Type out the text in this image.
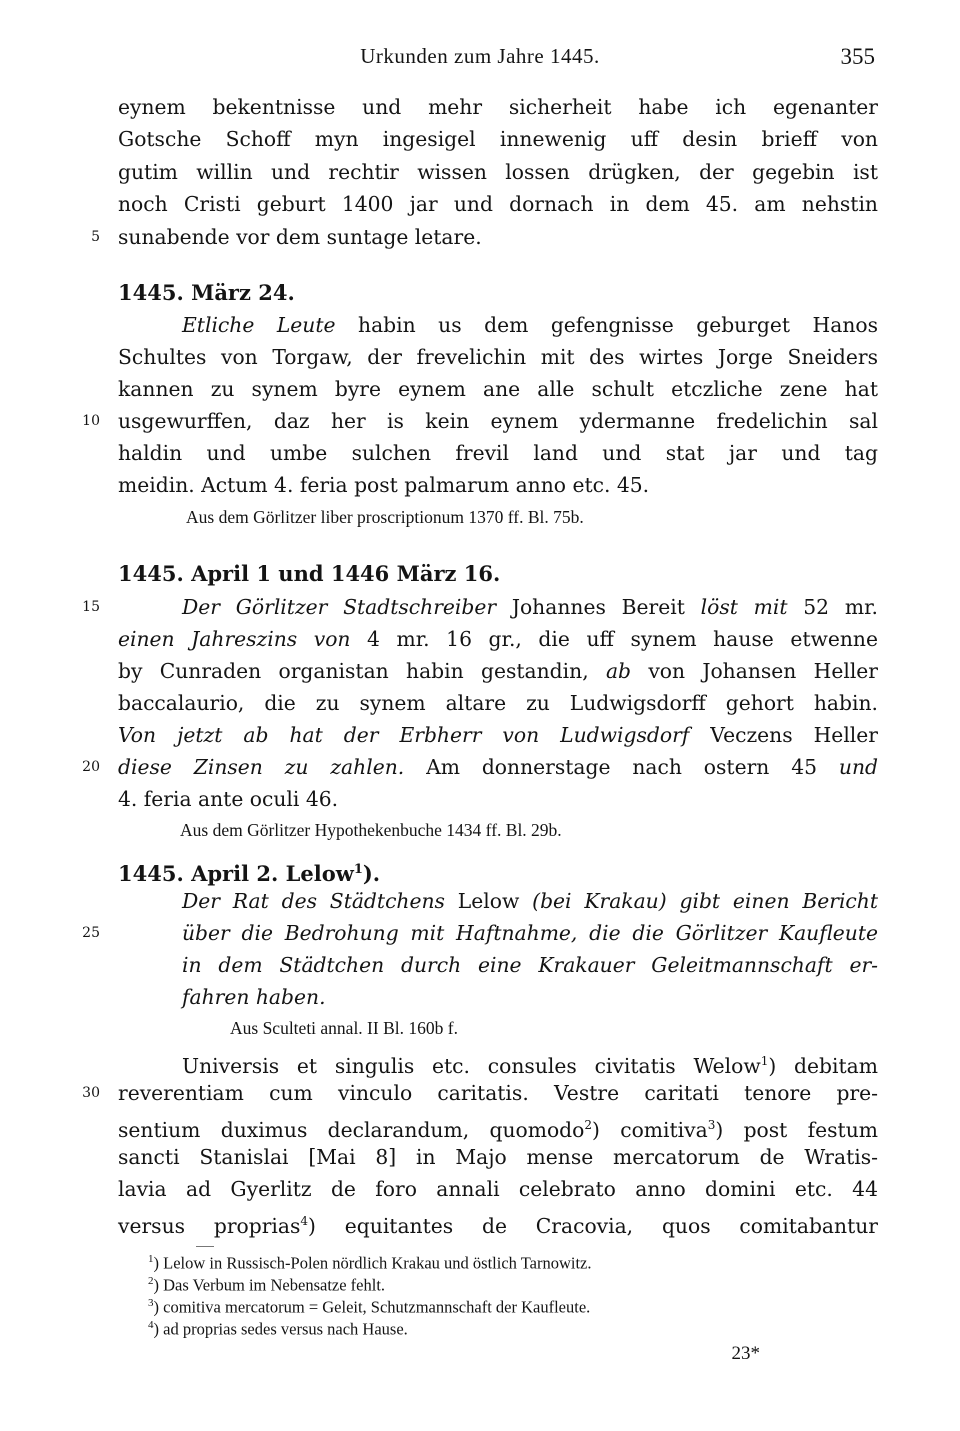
Urkunden zum Jahre 1445.	355
eynem bekentnisse und mehr sicherheit habe ich egenanter
Gotsche Schoff myn ingesigel innewenig uff desin brieff von
gutim willin und rechtir wissen lossen drügken, der gegebin ist
noch Cristi geburt 1400 jar und dornach in dem 45. am nehstin
5 sunabende vor dem suntage letare.
1445. März 24.
Etliche Leute habin us dem gefengnisse geburget Hanos
Schultes von Torgaw, der frevelichin mit des wirtes Jorge Sneiders
kannen zu synem byre eynem ane alle schult etczliche zene hat
10 usgewurffen, daz her is kein eynem ydermanne fredelichin sal
haldin und umbe sulchen frevil land und stat jar und tag
meidin. Actum 4. feria post palmarum anno etc. 45.
Aus dem Görlitzer liber proscriptionum 1370 ff. Bl. 75b.
1445. April 1 und 1446 März 16.
15	Der Görlitzer Stadtschreiber Johannes Bereit löst mit 52 mr.
einen Jahreszins von 4 mr. 16 gr., die uff synem hause etwenne
by Cunraden organistan habin gestandin, ab von Johansen Heller
baccalaurio, die zu synem altare zu Ludwigsdorff gehort habin.
Von jetzt ab hat der Erbherr von Ludwigsdorf Veczens Heller
20 diese Zinsen zu zahlen. Am donnerstage nach ostern 45 und
4. feria ante oculi 46.
Aus dem Görlitzer Hypothekenbuche 1434 ff. Bl. 29b.
1445. April 2. Lelow$^1$).
Der Rat des Städtchens Lelow (bei Krakau) gibt einen Bericht
25	über die Bedrohung mit Haftnahme, die die Görlitzer Kaufleute
in dem Städtchen durch eine Krakauer Geleitmannschaft er-
fahren haben.
Aus Sculteti annal. II Bl. 160b f.
Universis et singulis etc. consules civitatis Welow$^1$) debitam
30 reverentiam cum vinculo caritatis. Vestre caritati tenore pre-
sentium duximus declarandum, quomodo$^2$) comitiva$^3$) post festum
sancti Stanislai [Mai 8] in Majo mense mercatorum de Wratis-
lavia ad Gyerlitz de foro annali celebrato anno domini etc. 44
versus proprias$^4$) equitantes de Cracovia, quos comitabantur
$^1$) Lelow in Russisch-Polen nördlich Krakau und östlich Tarnowitz.
$^2$) Das Verbum im Nebensatze fehlt.
$^3$) comitiva mercatorum = Geleit, Schutzmannschaft der Kaufleute.
$^4$) ad proprias sedes versus nach Hause.
23*
